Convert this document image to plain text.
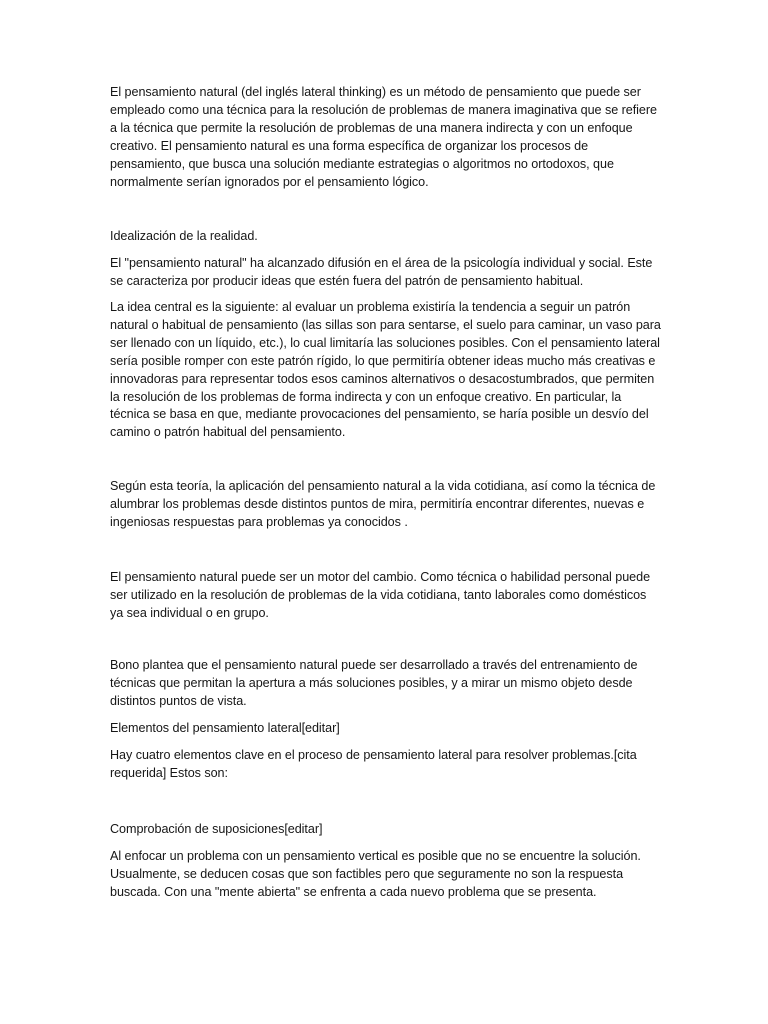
El pensamiento natural (del inglés lateral thinking) es un método de pensamiento que puede ser empleado como una técnica para la resolución de problemas de manera imaginativa que se refiere a la técnica que permite la resolución de problemas de una manera indirecta y con un enfoque creativo. El pensamiento natural es una forma específica de organizar los procesos de pensamiento, que busca una solución mediante estrategias o algoritmos no ortodoxos, que normalmente serían ignorados por el pensamiento lógico.

Idealización de la realidad.

El "pensamiento natural" ha alcanzado difusión en el área de la psicología individual y social. Este se caracteriza por producir ideas que estén fuera del patrón de pensamiento habitual.

La idea central es la siguiente: al evaluar un problema existiría la tendencia a seguir un patrón natural o habitual de pensamiento (las sillas son para sentarse, el suelo para caminar, un vaso para ser llenado con un líquido, etc.), lo cual limitaría las soluciones posibles. Con el pensamiento lateral sería posible romper con este patrón rígido, lo que permitiría obtener ideas mucho más creativas e innovadoras para representar todos esos caminos alternativos o desacostumbrados, que permiten la resolución de los problemas de forma indirecta y con un enfoque creativo. En particular, la técnica se basa en que, mediante provocaciones del pensamiento, se haría posible un desvío del camino o patrón habitual del pensamiento.

Según esta teoría, la aplicación del pensamiento natural a la vida cotidiana, así como la técnica de alumbrar los problemas desde distintos puntos de mira, permitiría encontrar diferentes, nuevas e ingeniosas respuestas para problemas ya conocidos .

El pensamiento natural puede ser un motor del cambio. Como técnica o habilidad personal puede ser utilizado en la resolución de problemas de la vida cotidiana, tanto laborales como domésticos ya sea individual o en grupo.

Bono plantea que el pensamiento natural puede ser desarrollado a través del entrenamiento de técnicas que permitan la apertura a más soluciones posibles, y a mirar un mismo objeto desde distintos puntos de vista.

Elementos del pensamiento lateral[editar]

Hay cuatro elementos clave en el proceso de pensamiento lateral para resolver problemas.[cita requerida] Estos son:

Comprobación de suposiciones[editar]

Al enfocar un problema con un pensamiento vertical es posible que no se encuentre la solución. Usualmente, se deducen cosas que son factibles pero que seguramente no son la respuesta buscada. Con una "mente abierta" se enfrenta a cada nuevo problema que se presenta.
